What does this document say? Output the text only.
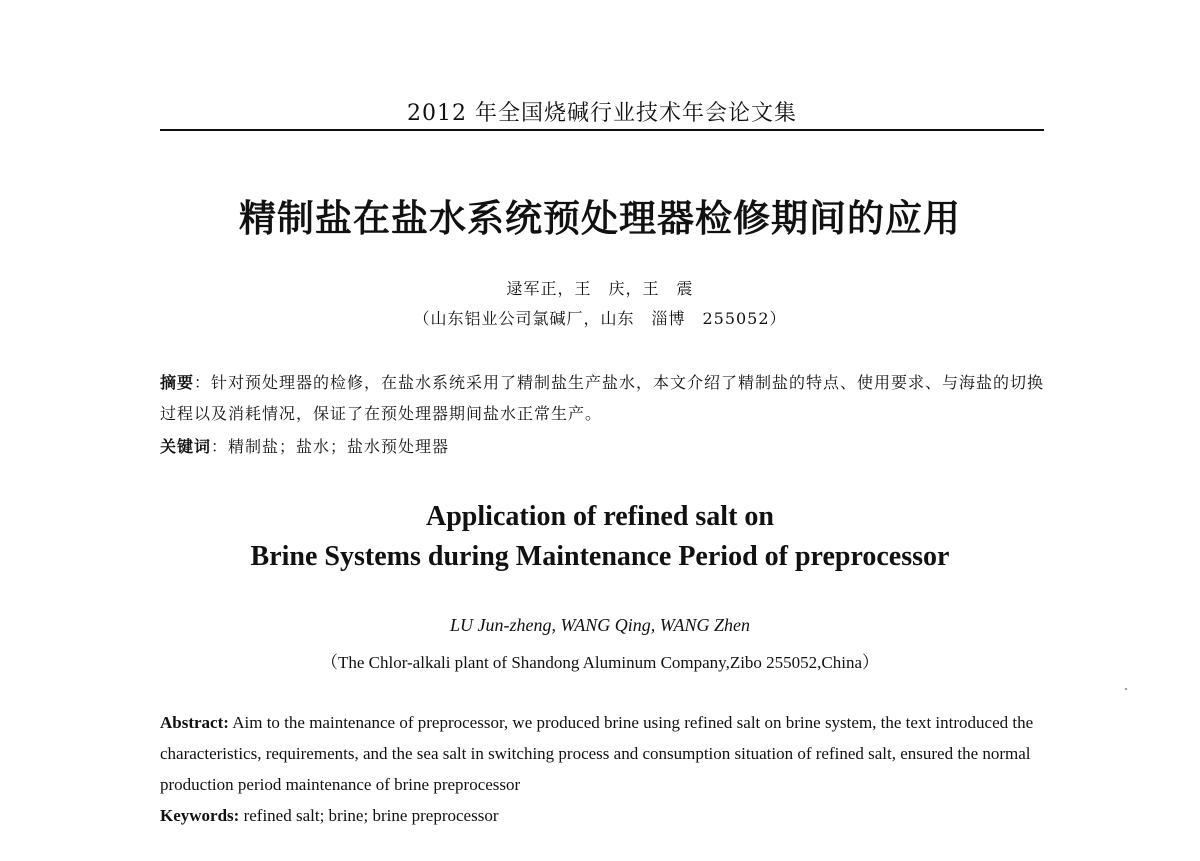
2012 年全国烧碱行业技术年会论文集
精制盐在盐水系统预处理器检修期间的应用
逯军正，王　庆，王　震
（山东铝业公司氯碱厂，山东　淄博　255052）
摘要：针对预处理器的检修，在盐水系统采用了精制盐生产盐水，本文介绍了精制盐的特点、使用要求、与海盐的切换过程以及消耗情况，保证了在预处理器期间盐水正常生产。
关键词：精制盐；盐水；盐水预处理器
Application of refined salt on
Brine Systems during Maintenance Period of preprocessor
LU Jun-zheng, WANG Qing, WANG Zhen
（The Chlor-alkali plant of Shandong Aluminum Company,Zibo 255052,China）
Abstract: Aim to the maintenance of preprocessor, we produced brine using refined salt on brine system, the text introduced the characteristics, requirements, and the sea salt in switching process and consumption situation of refined salt, ensured the normal production period maintenance of brine preprocessor
Keywords: refined salt; brine; brine preprocessor
